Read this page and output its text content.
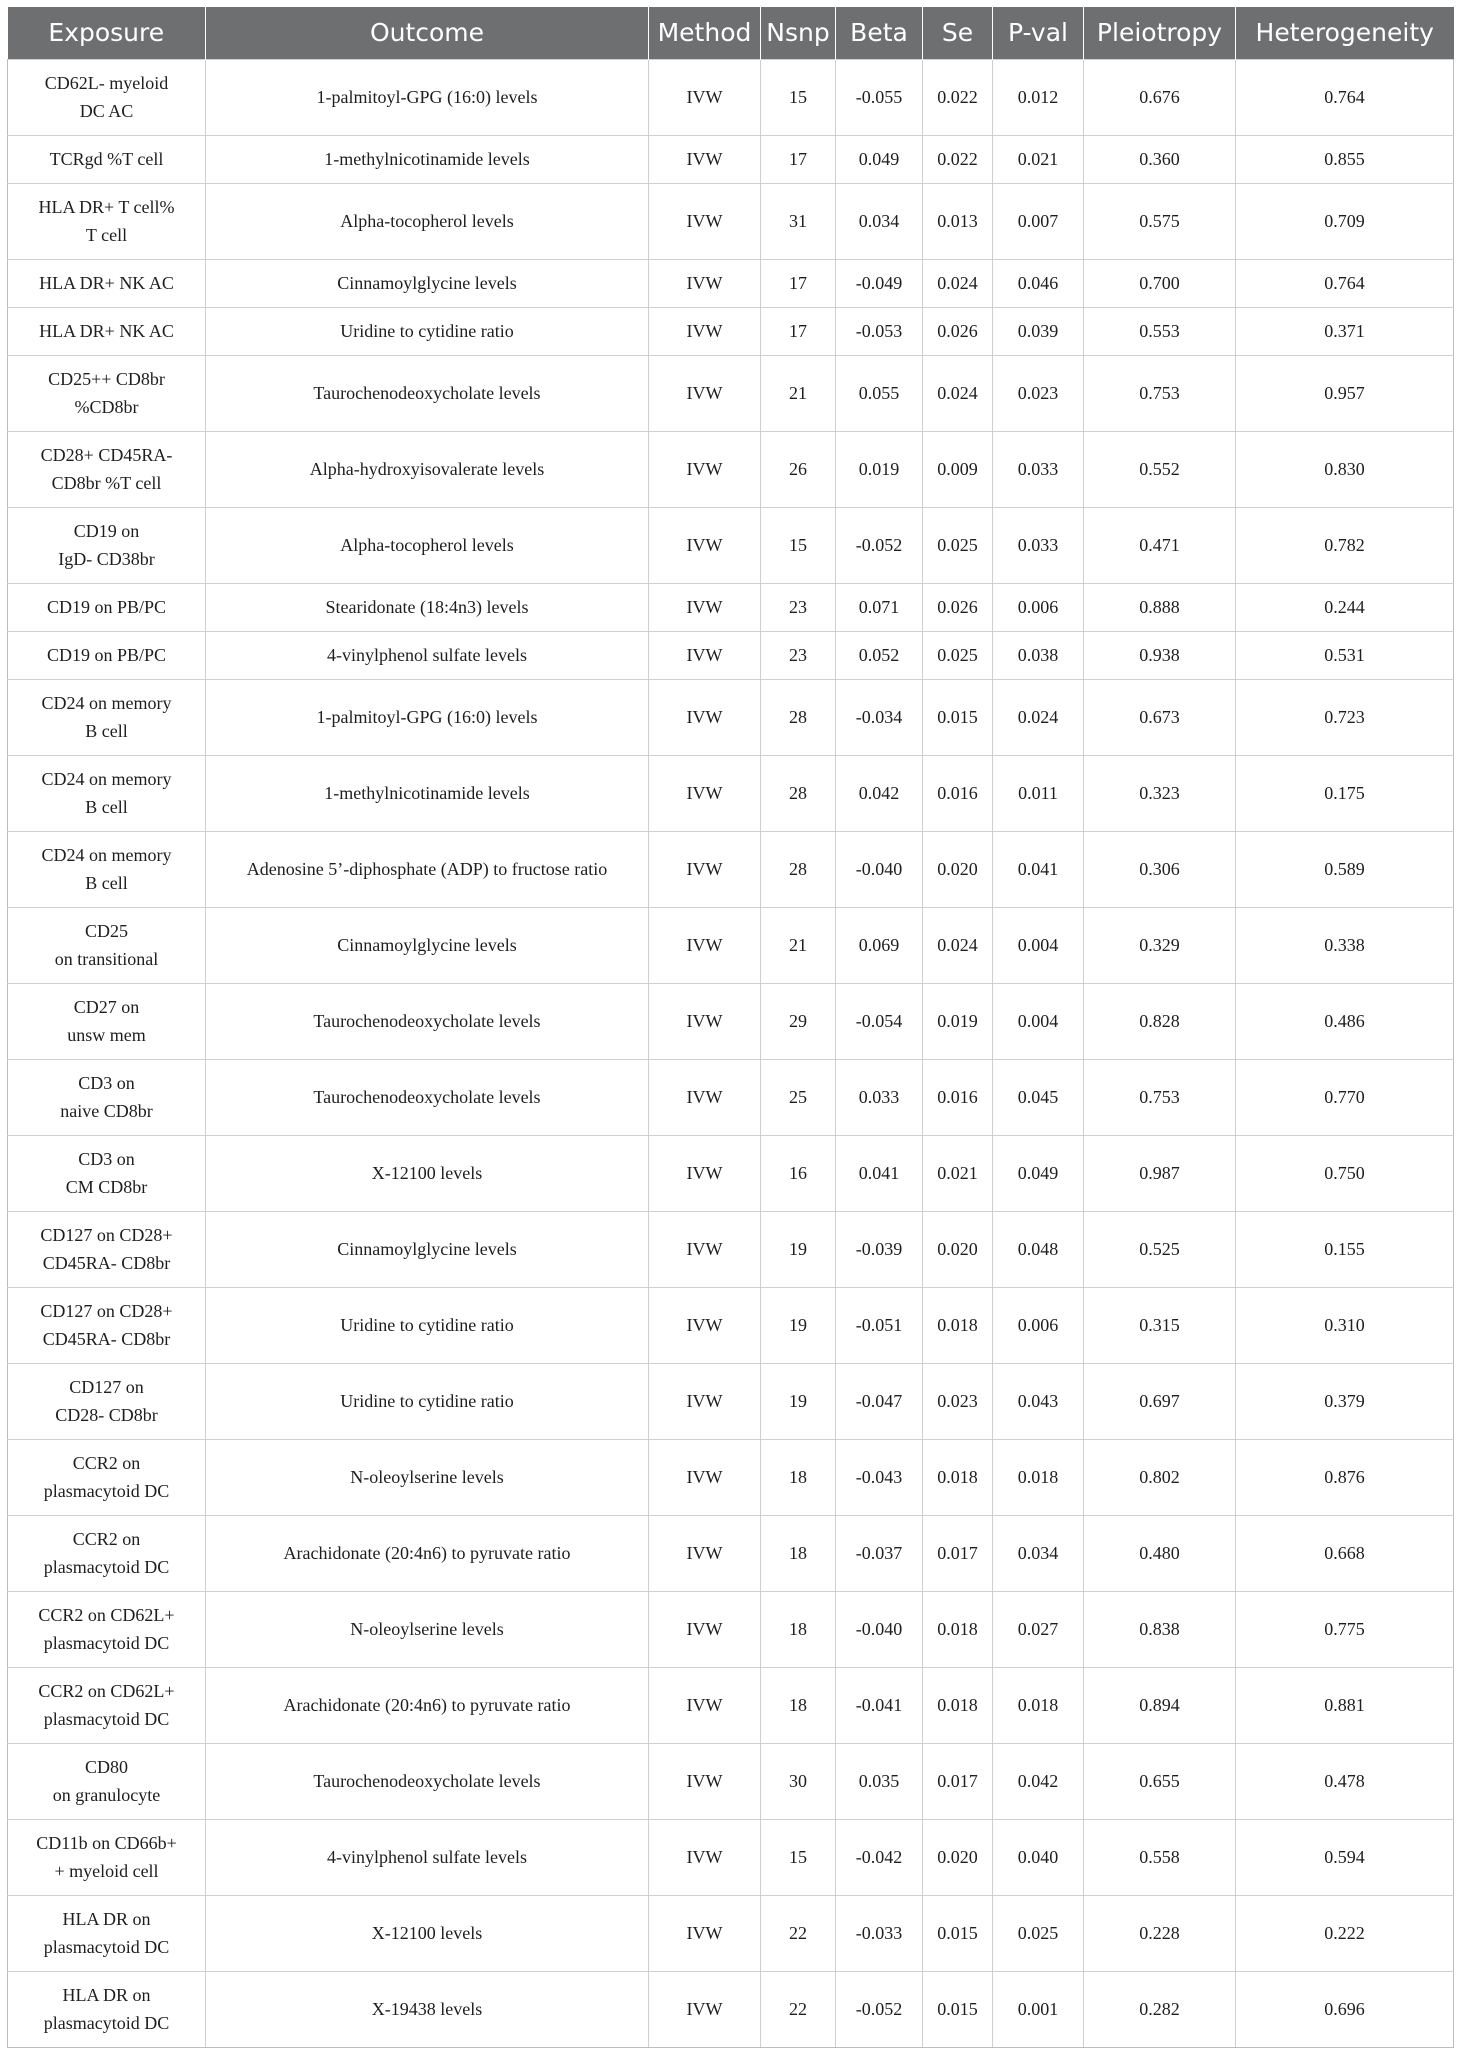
Exposure	Outcome	Method	Nsnp	Beta	Se	P-val	Pleiotropy	Heterogeneity
CD62L- myeloid
DC AC	1-palmitoyl-GPG (16:0) levels	IVW	15	-0.055	0.022	0.012	0.676	0.764
TCRgd %T cell	1-methylnicotinamide levels	IVW	17	0.049	0.022	0.021	0.360	0.855
HLA DR+ T cell%
T cell	Alpha-tocopherol levels	IVW	31	0.034	0.013	0.007	0.575	0.709
HLA DR+ NK AC	Cinnamoylglycine levels	IVW	17	-0.049	0.024	0.046	0.700	0.764
HLA DR+ NK AC	Uridine to cytidine ratio	IVW	17	-0.053	0.026	0.039	0.553	0.371
CD25++ CD8br
%CD8br	Taurochenodeoxycholate levels	IVW	21	0.055	0.024	0.023	0.753	0.957
CD28+ CD45RA-
CD8br %T cell	Alpha-hydroxyisovalerate levels	IVW	26	0.019	0.009	0.033	0.552	0.830
CD19 on
IgD- CD38br	Alpha-tocopherol levels	IVW	15	-0.052	0.025	0.033	0.471	0.782
CD19 on PB/PC	Stearidonate (18:4n3) levels	IVW	23	0.071	0.026	0.006	0.888	0.244
CD19 on PB/PC	4-vinylphenol sulfate levels	IVW	23	0.052	0.025	0.038	0.938	0.531
CD24 on memory
B cell	1-palmitoyl-GPG (16:0) levels	IVW	28	-0.034	0.015	0.024	0.673	0.723
CD24 on memory
B cell	1-methylnicotinamide levels	IVW	28	0.042	0.016	0.011	0.323	0.175
CD24 on memory
B cell	Adenosine 5’-diphosphate (ADP) to fructose ratio	IVW	28	-0.040	0.020	0.041	0.306	0.589
CD25
on transitional	Cinnamoylglycine levels	IVW	21	0.069	0.024	0.004	0.329	0.338
CD27 on
unsw mem	Taurochenodeoxycholate levels	IVW	29	-0.054	0.019	0.004	0.828	0.486
CD3 on
naive CD8br	Taurochenodeoxycholate levels	IVW	25	0.033	0.016	0.045	0.753	0.770
CD3 on
CM CD8br	X-12100 levels	IVW	16	0.041	0.021	0.049	0.987	0.750
CD127 on CD28+
CD45RA- CD8br	Cinnamoylglycine levels	IVW	19	-0.039	0.020	0.048	0.525	0.155
CD127 on CD28+
CD45RA- CD8br	Uridine to cytidine ratio	IVW	19	-0.051	0.018	0.006	0.315	0.310
CD127 on
CD28- CD8br	Uridine to cytidine ratio	IVW	19	-0.047	0.023	0.043	0.697	0.379
CCR2 on
plasmacytoid DC	N-oleoylserine levels	IVW	18	-0.043	0.018	0.018	0.802	0.876
CCR2 on
plasmacytoid DC	Arachidonate (20:4n6) to pyruvate ratio	IVW	18	-0.037	0.017	0.034	0.480	0.668
CCR2 on CD62L+
plasmacytoid DC	N-oleoylserine levels	IVW	18	-0.040	0.018	0.027	0.838	0.775
CCR2 on CD62L+
plasmacytoid DC	Arachidonate (20:4n6) to pyruvate ratio	IVW	18	-0.041	0.018	0.018	0.894	0.881
CD80
on granulocyte	Taurochenodeoxycholate levels	IVW	30	0.035	0.017	0.042	0.655	0.478
CD11b on CD66b+
+ myeloid cell	4-vinylphenol sulfate levels	IVW	15	-0.042	0.020	0.040	0.558	0.594
HLA DR on
plasmacytoid DC	X-12100 levels	IVW	22	-0.033	0.015	0.025	0.228	0.222
HLA DR on
plasmacytoid DC	X-19438 levels	IVW	22	-0.052	0.015	0.001	0.282	0.696
